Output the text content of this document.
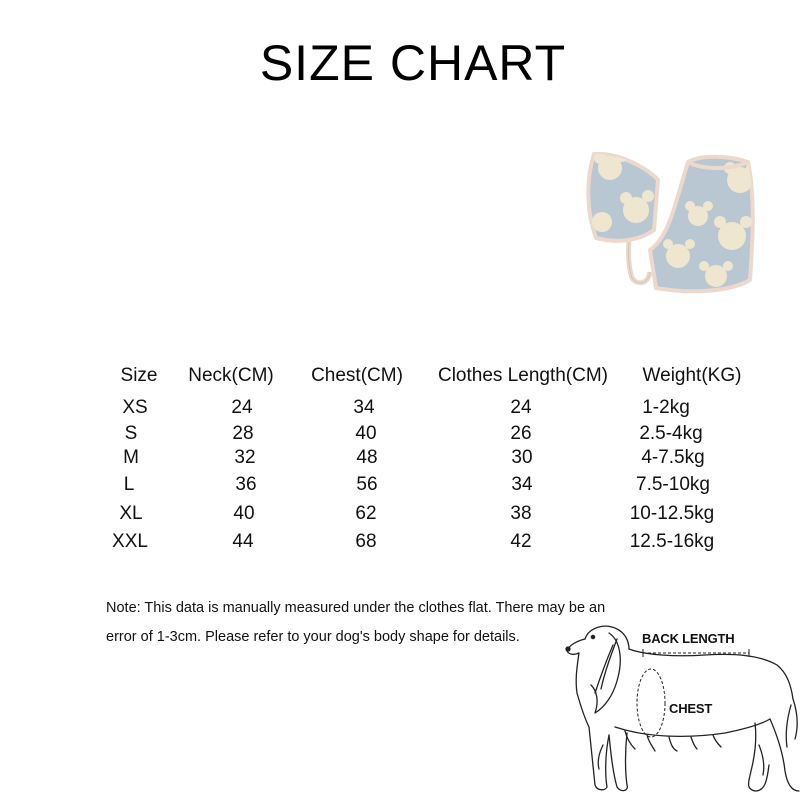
SIZE CHART
Size Neck(CM) Chest(CM) Clothes Length(CM) Weight(KG)
XS	24	34	24	1-2kg
S	28	40	26	2.5-4kg
M	32	48	30	4-7.5kg
L	36	56	34	7.5-10kg
XL	40	62	38	10-12.5kg
XXL	44	68	42	12.5-16kg
Note: This data is manually measured under the clothes flat. There may be an
error of 1-3cm. Please refer to your dog's body shape for details.	BACK LENGTH
CHEST
